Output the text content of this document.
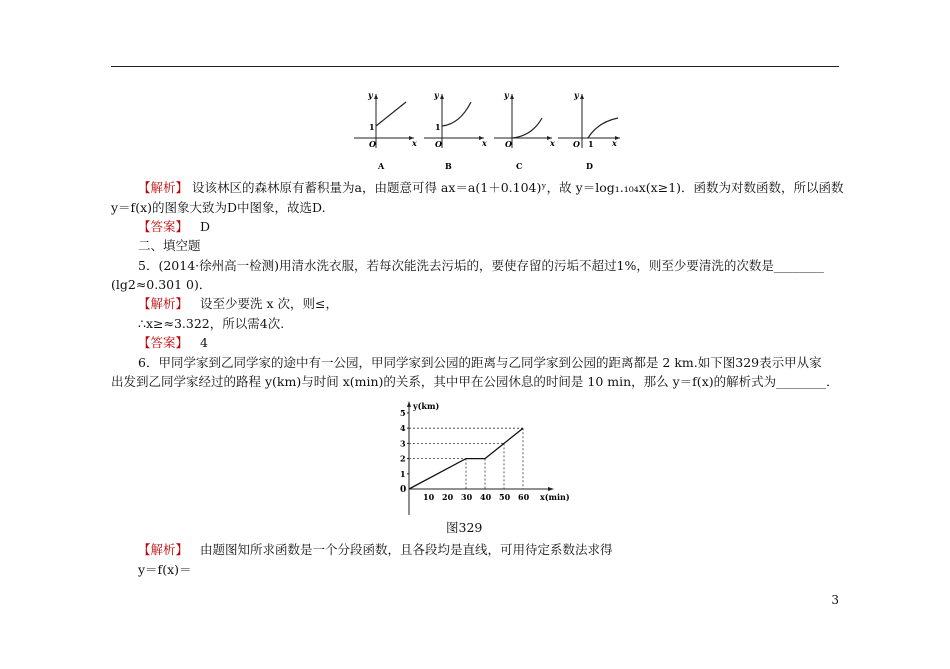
1
O
y
x
A
1
O
y
x
B
O
y
x
C
O 1
y
x
D
【解析】 设该林区的森林原有蓄积量为a，由题意可得 ax＝a(1＋0.104)ʸ，故 y＝log₁.₁₀₄x(x≥1)．函数为对数函数，所以函数
y＝f(x)的图象大致为D中图象，故选D.
【答案】 D
二、填空题
5．(2014·徐州高一检测)用清水洗衣服，若每次能洗去污垢的，要使存留的污垢不超过1%，则至少要清洗的次数是________
(lg2≈0.301 0)．
【解析】 设至少要洗 x 次，则≤，
∴x≥≈3.322，所以需4次.
【答案】 4
6．甲同学家到乙同学家的途中有一公园，甲同学家到公园的距离与乙同学家到公园的距离都是 2 km.如下图329表示甲从家
出发到乙同学家经过的路程 y(km)与时间 x(min)的关系，其中甲在公园休息的时间是 10 min，那么 y＝f(x)的解析式为________．
y(km)
x(min)
0
1
2
3
4
5
10 20 30 40 50 60
图329
【解析】 由题图知所求函数是一个分段函数，且各段均是直线，可用待定系数法求得
y＝f(x)＝
3
